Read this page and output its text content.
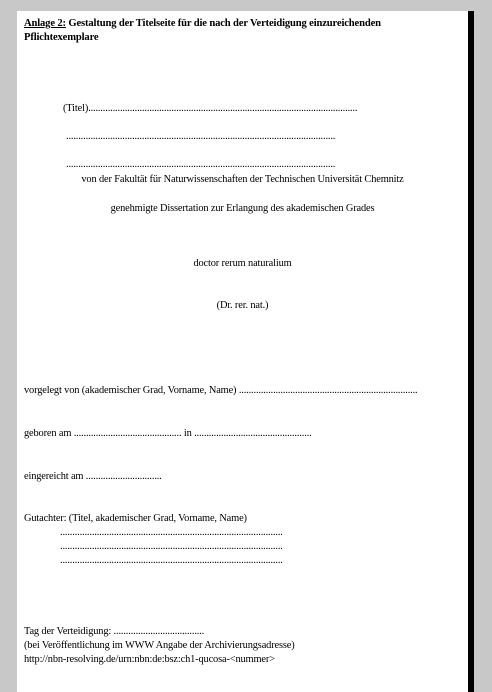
Anlage 2: Gestaltung der Titelseite für die nach der Verteidigung einzureichenden
Pflichtexemplare
(Titel)..............................................................................................................
..............................................................................................................
..............................................................................................................
von der Fakultät für Naturwissenschaften der Technischen Universität Chemnitz
genehmigte Dissertation zur Erlangung des akademischen Grades
doctor rerum naturalium
(Dr. rer. nat.)
vorgelegt von (akademischer Grad, Vorname, Name) .........................................................................
geboren am ............................................ in ................................................
eingereicht am ...............................
Gutachter: (Titel, akademischer Grad, Vorname, Name)
...........................................................................................
...........................................................................................
...........................................................................................
Tag der Verteidigung: .....................................
(bei Veröffentlichung im WWW Angabe der Archivierungsadresse)
http://nbn-resolving.de/urn:nbn:de:bsz:ch1-qucosa-<nummer>
